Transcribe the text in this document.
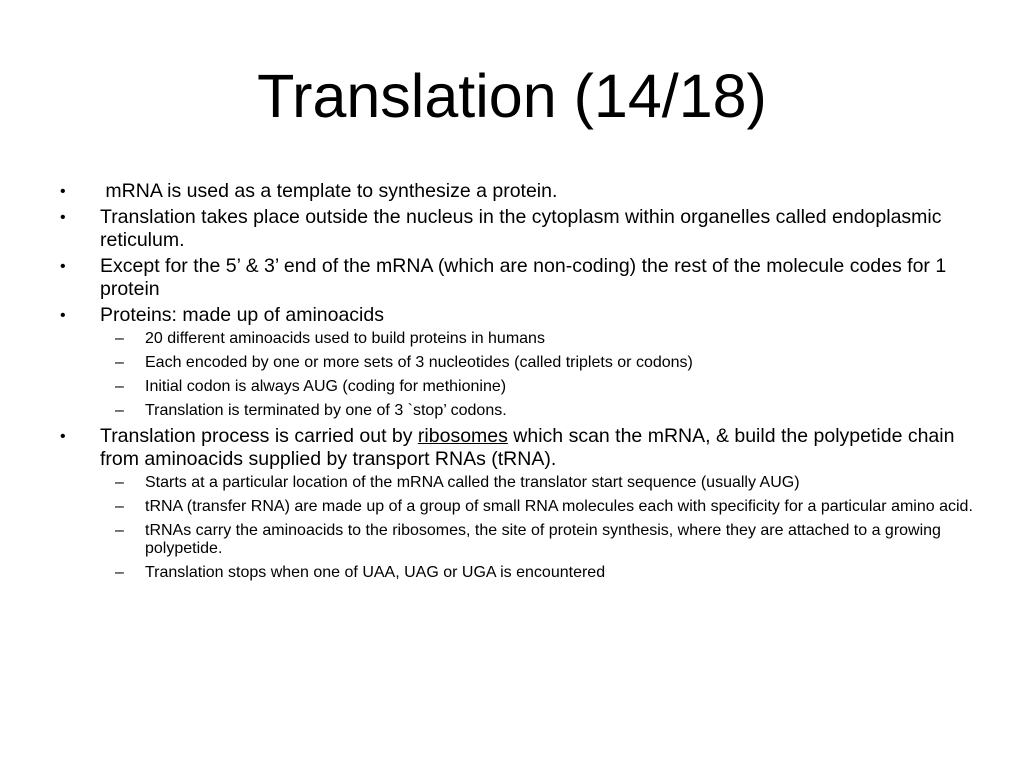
Translation (14/18)
• mRNA is used as a template to synthesize a protein.
• Translation takes place outside the nucleus in the cytoplasm within organelles called endoplasmic reticulum.
• Except for the 5’ & 3’ end of the mRNA (which are non-coding) the rest of the molecule codes for 1 protein
• Proteins: made up of aminoacids
– 20 different aminoacids used to build proteins in humans
– Each encoded by one or more sets of 3 nucleotides (called triplets or codons)
– Initial codon is always AUG (coding for methionine)
– Translation is terminated by one of 3 `stop’ codons.
• Translation process is carried out by ribosomes which scan the mRNA, & build the polypetide chain from aminoacids supplied by transport RNAs (tRNA).
– Starts at a particular location of the mRNA called the translator start sequence (usually AUG)
– tRNA (transfer RNA) are made up of a group of small RNA molecules each with specificity for a particular amino acid.
– tRNAs carry the aminoacids to the ribosomes, the site of protein synthesis, where they are attached to a growing polypetide.
– Translation stops when one of UAA, UAG or UGA is encountered
